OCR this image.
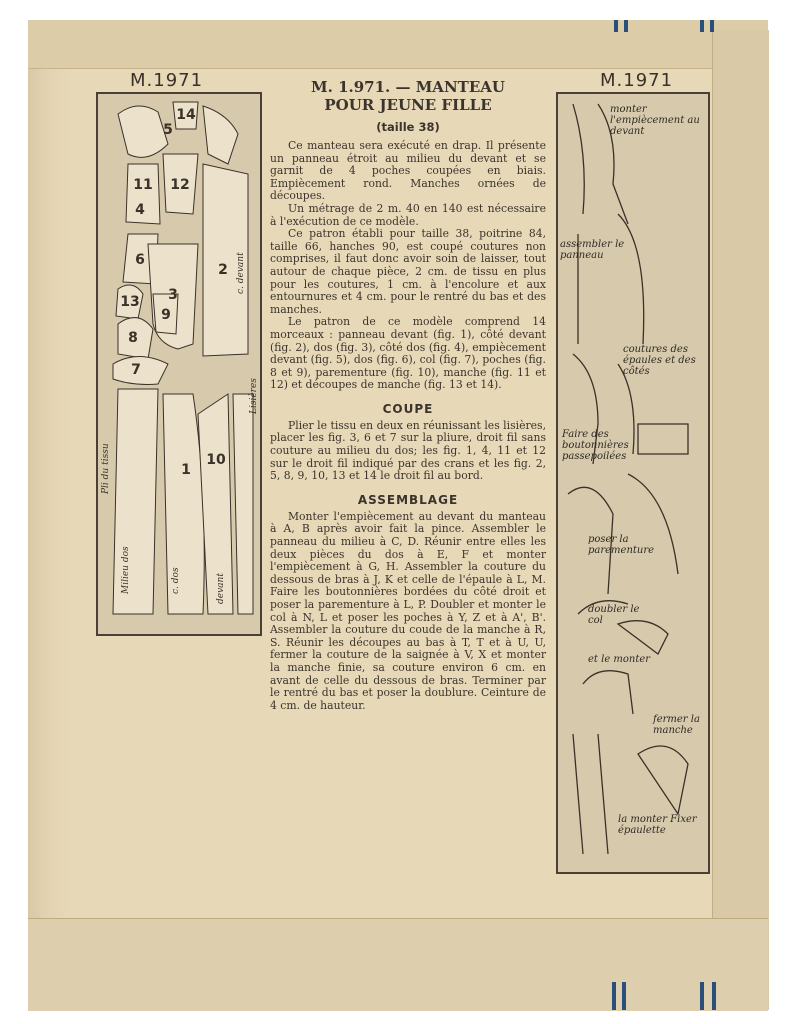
M.1971	M.1971
11 12
2
6
3
13
9
8
7
1
10
4
5
14
Pli du tissu
Milieu dos
Lisières
c. devant
c. dos	devant
M. 1.971. — MANTEAU
POUR JEUNE FILLE
(taille 38)

Ce manteau sera exécuté en drap. Il présente un panneau étroit au milieu du devant et se garnit de 4 poches coupées en biais. Empiècement rond. Manches ornées de découpes.

Un métrage de 2 m. 40 en 140 est nécessaire à l'exécution de ce modèle.

Ce patron établi pour taille 38, poitrine 84, taille 66, hanches 90, est coupé coutures non comprises, il faut donc avoir soin de laisser, tout autour de chaque pièce, 2 cm. de tissu en plus pour les coutures, 1 cm. à l'encolure et aux entournures et 4 cm. pour le rentré du bas et des manches.

Le patron de ce modèle comprend 14 morceaux : panneau devant (fig. 1), côté devant (fig. 2), dos (fig. 3), côté dos (fig. 4), empiècement devant (fig. 5), dos (fig. 6), col (fig. 7), poches (fig. 8 et 9), parementure (fig. 10), manche (fig. 11 et 12) et découpes de manche (fig. 13 et 14).

COUPE

Plier le tissu en deux en réunissant les lisières, placer les fig. 3, 6 et 7 sur la pliure, droit fil sans couture au milieu du dos; les fig. 1, 4, 11 et 12 sur le droit fil indiqué par des crans et les fig. 2, 5, 8, 9, 10, 13 et 14 le droit fil au bord.

ASSEMBLAGE

Monter l'empiècement au devant du manteau à A, B après avoir fait la pince. Assembler le panneau du milieu à C, D. Réunir entre elles les deux pièces du dos à E, F et monter l'empiècement à G, H. Assembler la couture du dessous de bras à J, K et celle de l'épaule à L, M. Faire les boutonnières bordées du côté droit et poser la parementure à L, P. Doubler et monter le col à N, L et poser les poches à Y, Z et à A', B'. Assembler la couture du coude de la manche à R, S. Réunir les découpes au bas à T, T et à U, U, fermer la couture de la saignée à V, X et monter la manche finie, sa couture environ 6 cm. en avant de celle du dessous de bras. Terminer par le rentré du bas et poser la doublure. Ceinture de 4 cm. de hauteur.

monter l'empiècement au devant
assembler le panneau
coutures des épaules et des côtés
Faire des boutonnières passepoilées
poser la parementure
doubler le col
et le monter
fermer la manche
la monter Fixer épaulette
